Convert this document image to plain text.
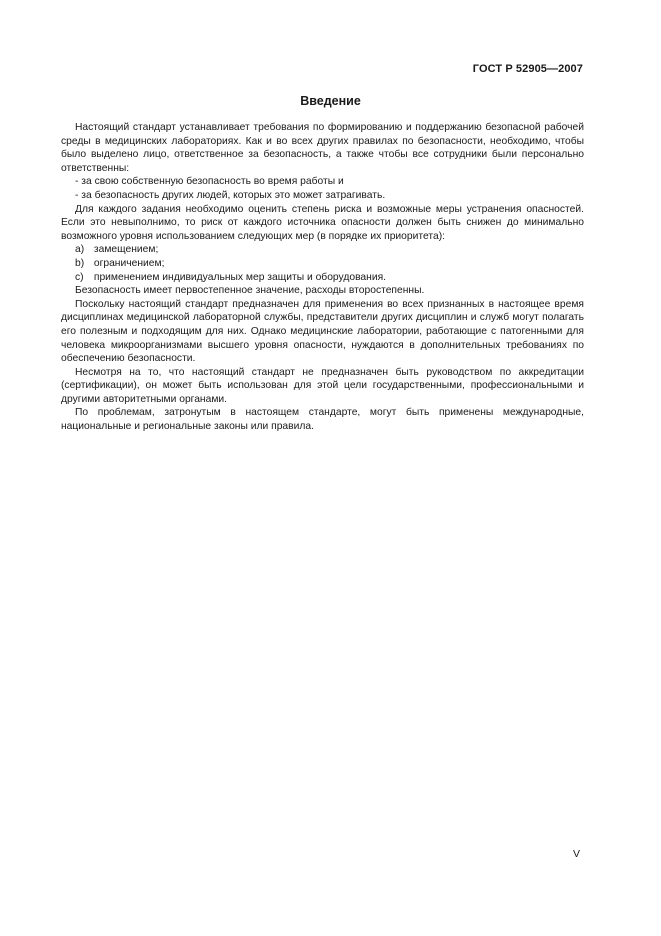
ГОСТ Р 52905—2007
Введение

Настоящий стандарт устанавливает требования по формированию и поддержанию безопасной рабочей среды в медицинских лабораториях. Как и во всех других правилах по безопасности, необходимо, чтобы было выделено лицо, ответственное за безопасность, а также чтобы все сотрудники были персонально ответственны:

- за свою собственную безопасность во время работы и

- за безопасность других людей, которых это может затрагивать.

Для каждого задания необходимо оценить степень риска и возможные меры устранения опасностей. Если это невыполнимо, то риск от каждого источника опасности должен быть снижен до минимально возможного уровня использованием следующих мер (в порядке их приоритета):

a) замещением;

b) ограничением;

c) применением индивидуальных мер защиты и оборудования.

Безопасность имеет первостепенное значение, расходы второстепенны.

Поскольку настоящий стандарт предназначен для применения во всех признанных в настоящее время дисциплинах медицинской лабораторной службы, представители других дисциплин и служб могут полагать его полезным и подходящим для них. Однако медицинские лаборатории, работающие с патогенными для человека микроорганизмами высшего уровня опасности, нуждаются в дополнительных требованиях по обеспечению безопасности.

Несмотря на то, что настоящий стандарт не предназначен быть руководством по аккредитации (сертификации), он может быть использован для этой цели государственными, профессиональными и другими авторитетными органами.

По проблемам, затронутым в настоящем стандарте, могут быть применены международные, национальные и региональные законы или правила.

V
